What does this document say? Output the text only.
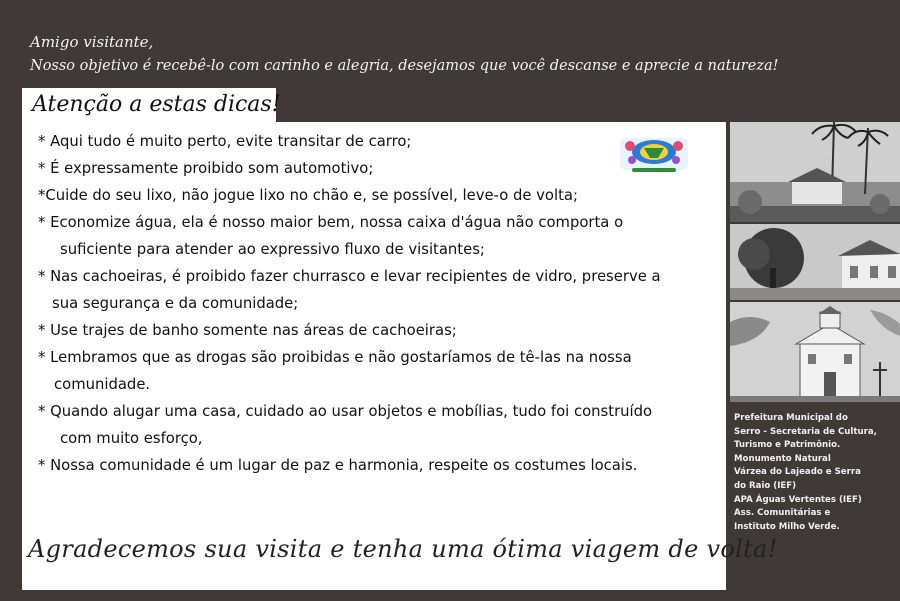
Amigo visitante,
Nosso objetivo é recebê-lo com carinho e alegria, desejamos que você descanse e aprecie a natureza!
Atenção a estas dicas!
* Aqui tudo é muito perto, evite transitar de carro;
* É expressamente proibido som automotivo;
*Cuide do seu lixo, não jogue lixo no chão e, se possível, leve-o de volta;
* Economize água, ela é nosso maior bem, nossa caixa d'água não comporta o
suficiente para atender ao expressivo fluxo de visitantes;
* Nas cachoeiras, é proibido fazer churrasco e levar recipientes de vidro, preserve a
sua segurança e da comunidade;
* Use trajes de banho somente nas áreas de cachoeiras;
* Lembramos que as drogas são proibidas e não gostaríamos de tê-las na nossa
comunidade.
* Quando alugar uma casa, cuidado ao usar objetos e mobílias, tudo foi construído
com muito esforço,
* Nossa comunidade é um lugar de paz e harmonia, respeite os costumes locais.
Agradecemos sua visita e tenha uma ótima viagem de volta!
Prefeitura Municipal do
Serro - Secretaria de Cultura,
Turismo e Patrimônio.
Monumento Natural
Várzea do Lajeado e Serra
do Raio (IEF)
APA Águas Vertentes (IEF)
Ass. Comunitárias e
Instituto Milho Verde.
